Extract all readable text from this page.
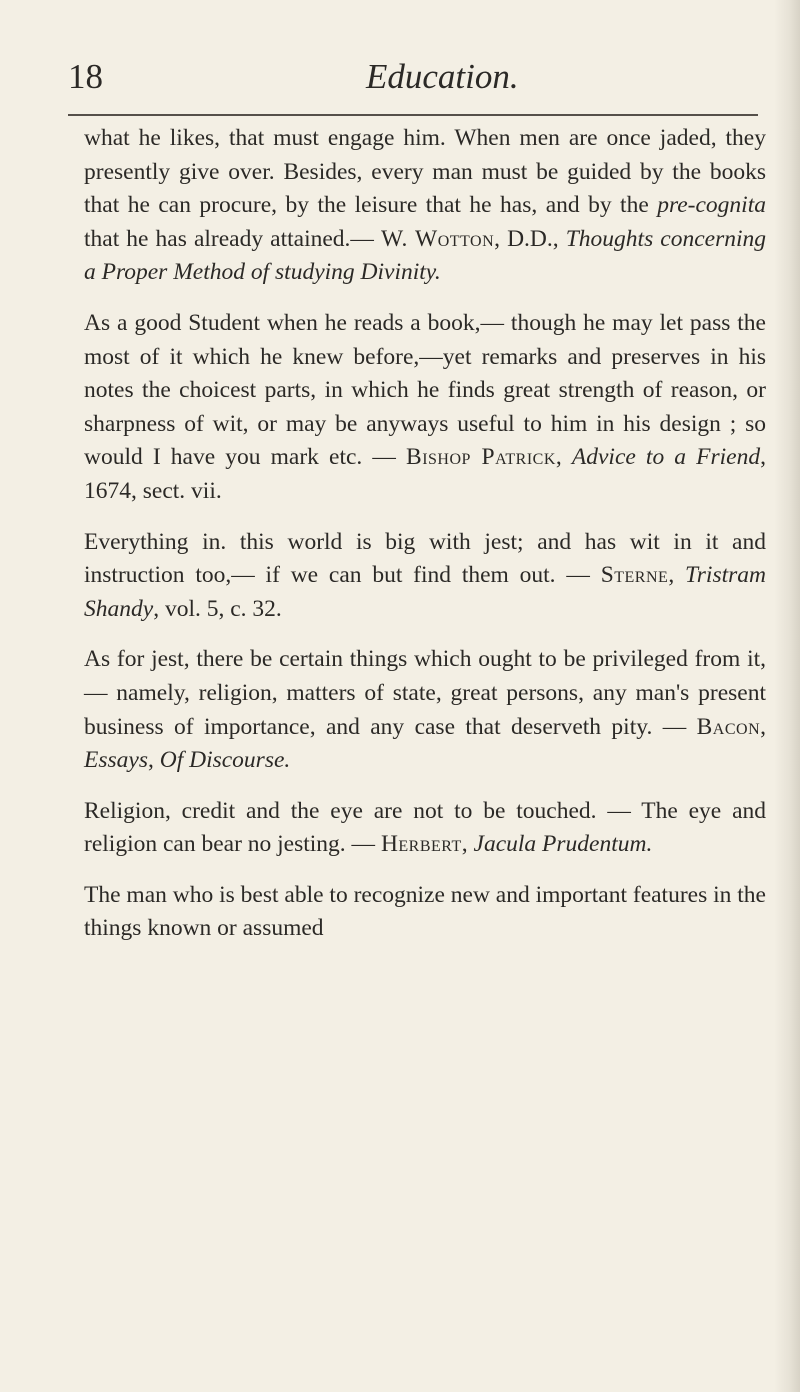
18	Education.

what he likes, that must engage him. When men are once jaded, they presently give over. Besides, every man must be guided by the books that he can procure, by the leisure that he has, and by the pre-cognita that he has already attained.— W. Wotton, D.D., Thoughts concerning a Proper Method of studying Divinity.

As a good Student when he reads a book,— though he may let pass the most of it which he knew before,—yet remarks and preserves in his notes the choicest parts, in which he finds great strength of reason, or sharpness of wit, or may be anyways useful to him in his design ; so would I have you mark etc. — Bishop Patrick, Advice to a Friend, 1674, sect. vii.

Everything in. this world is big with jest; and has wit in it and instruction too,— if we can but find them out. — Sterne, Tristram Shandy, vol. 5, c. 32.

As for jest, there be certain things which ought to be privileged from it, — namely, religion, matters of state, great persons, any man's present business of importance, and any case that deserveth pity. — Bacon, Essays, Of Discourse.

Religion, credit and the eye are not to be touched. — The eye and religion can bear no jesting. — Herbert, Jacula Prudentum.

The man who is best able to recognize new and important features in the things known or assumed
